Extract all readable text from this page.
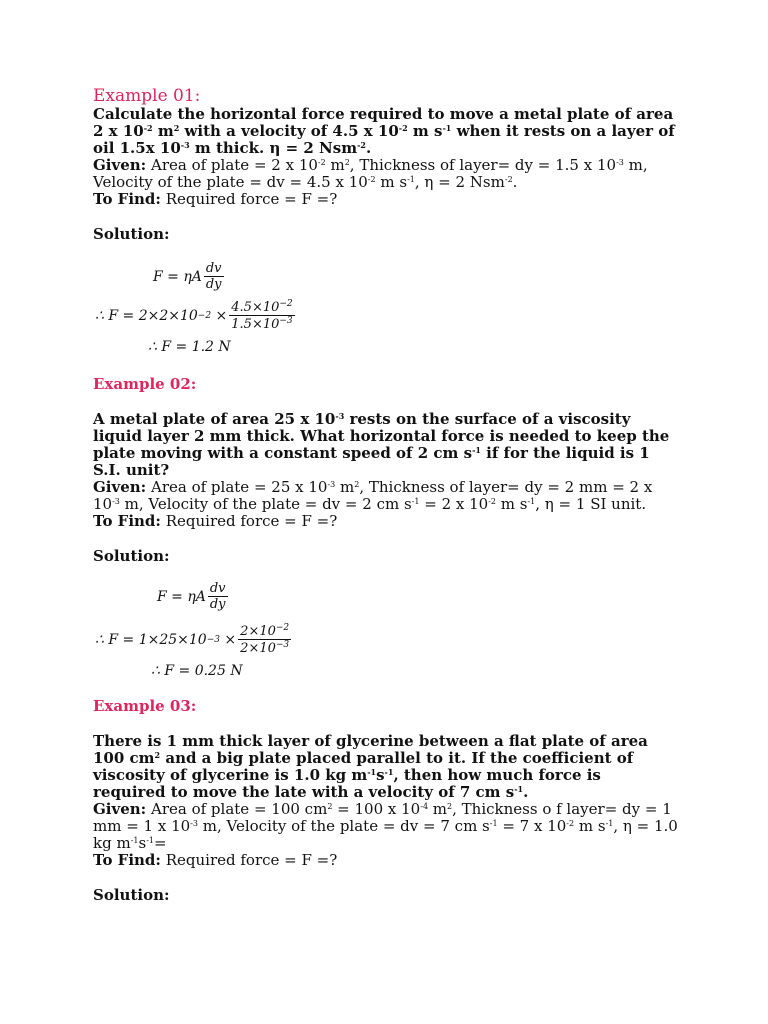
Example 01:

Calculate the horizontal force required to move a metal plate of area 2 x $10^{-2}$ $m^2$ with a velocity of 4.5 x $10^{-2}$ m $s^{-1}$ when it rests on a layer of oil 1.5x $10^{-3}$ m thick. η = 2 Nsm$^{-2}$.

Given: Area of plate = 2 x $10^{-2}$ $m^2$, Thickness of layer= dy = 1.5 x $10^{-3}$ m, Velocity of the plate = dv = 4.5 x $10^{-2}$ m $s^{-1}$, η = 2 Nsm$^{-2}$.

To Find: Required force = F =?

Solution:

F = ηA $\frac{dv}{dy}$
∴ $F = 2\times 2\times 10 -2 \times \frac{4.5\times 10^{-2}}{1.5\times 10^{-3}}$
∴ F = 1.2 N
Example 02:

A metal plate of area 25 x $10^{-3}$ rests on the surface of a viscosity liquid layer 2 mm thick. What horizontal force is needed to keep the plate moving with a constant speed of 2 cm $s^{-1}$ if for the liquid is 1 S.I. unit?

Given: Area of plate = 25 x $10^{-3}$ $m^2$, Thickness of layer= dy = 2 mm = 2 x $10^{-3}$ m, Velocity of the plate = dv = 2 cm $s^{-1} = 2$ x $10^{-2}$ m $s^{-1}$, η = 1 SI unit.

To Find: Required force = F =?

Solution:

F = ηA $\frac{dv}{dy}$
∴ $F = 1\times 25\times 10 -3 \times \frac{2\times 10^{-2}}{2\times 10^{-3}}$
∴ F = 0.25 N
Example 03:

There is 1 mm thick layer of glycerine between a flat plate of area 100 $cm^2$ and a big plate placed parallel to it. If the coefficient of viscosity of glycerine is 1.0 kg $m^{-1}s^{-1}$, then how much force is required to move the late with a velocity of 7 cm $s^{-1}$.

Given: Area of plate = 100 $cm^2 = 100$ x $10^{-4}$ $m^2$, Thickness o f layer= dy = 1 mm = 1 x $10^{-3}$ m, Velocity of the plate = dv = 7 cm $s^{-1} = 7$ x $10^{-2}$ m $s^{-1}$, η = 1.0 kg $m^{-1}s^{-1}=$

To Find: Required force = F =?

Solution:
